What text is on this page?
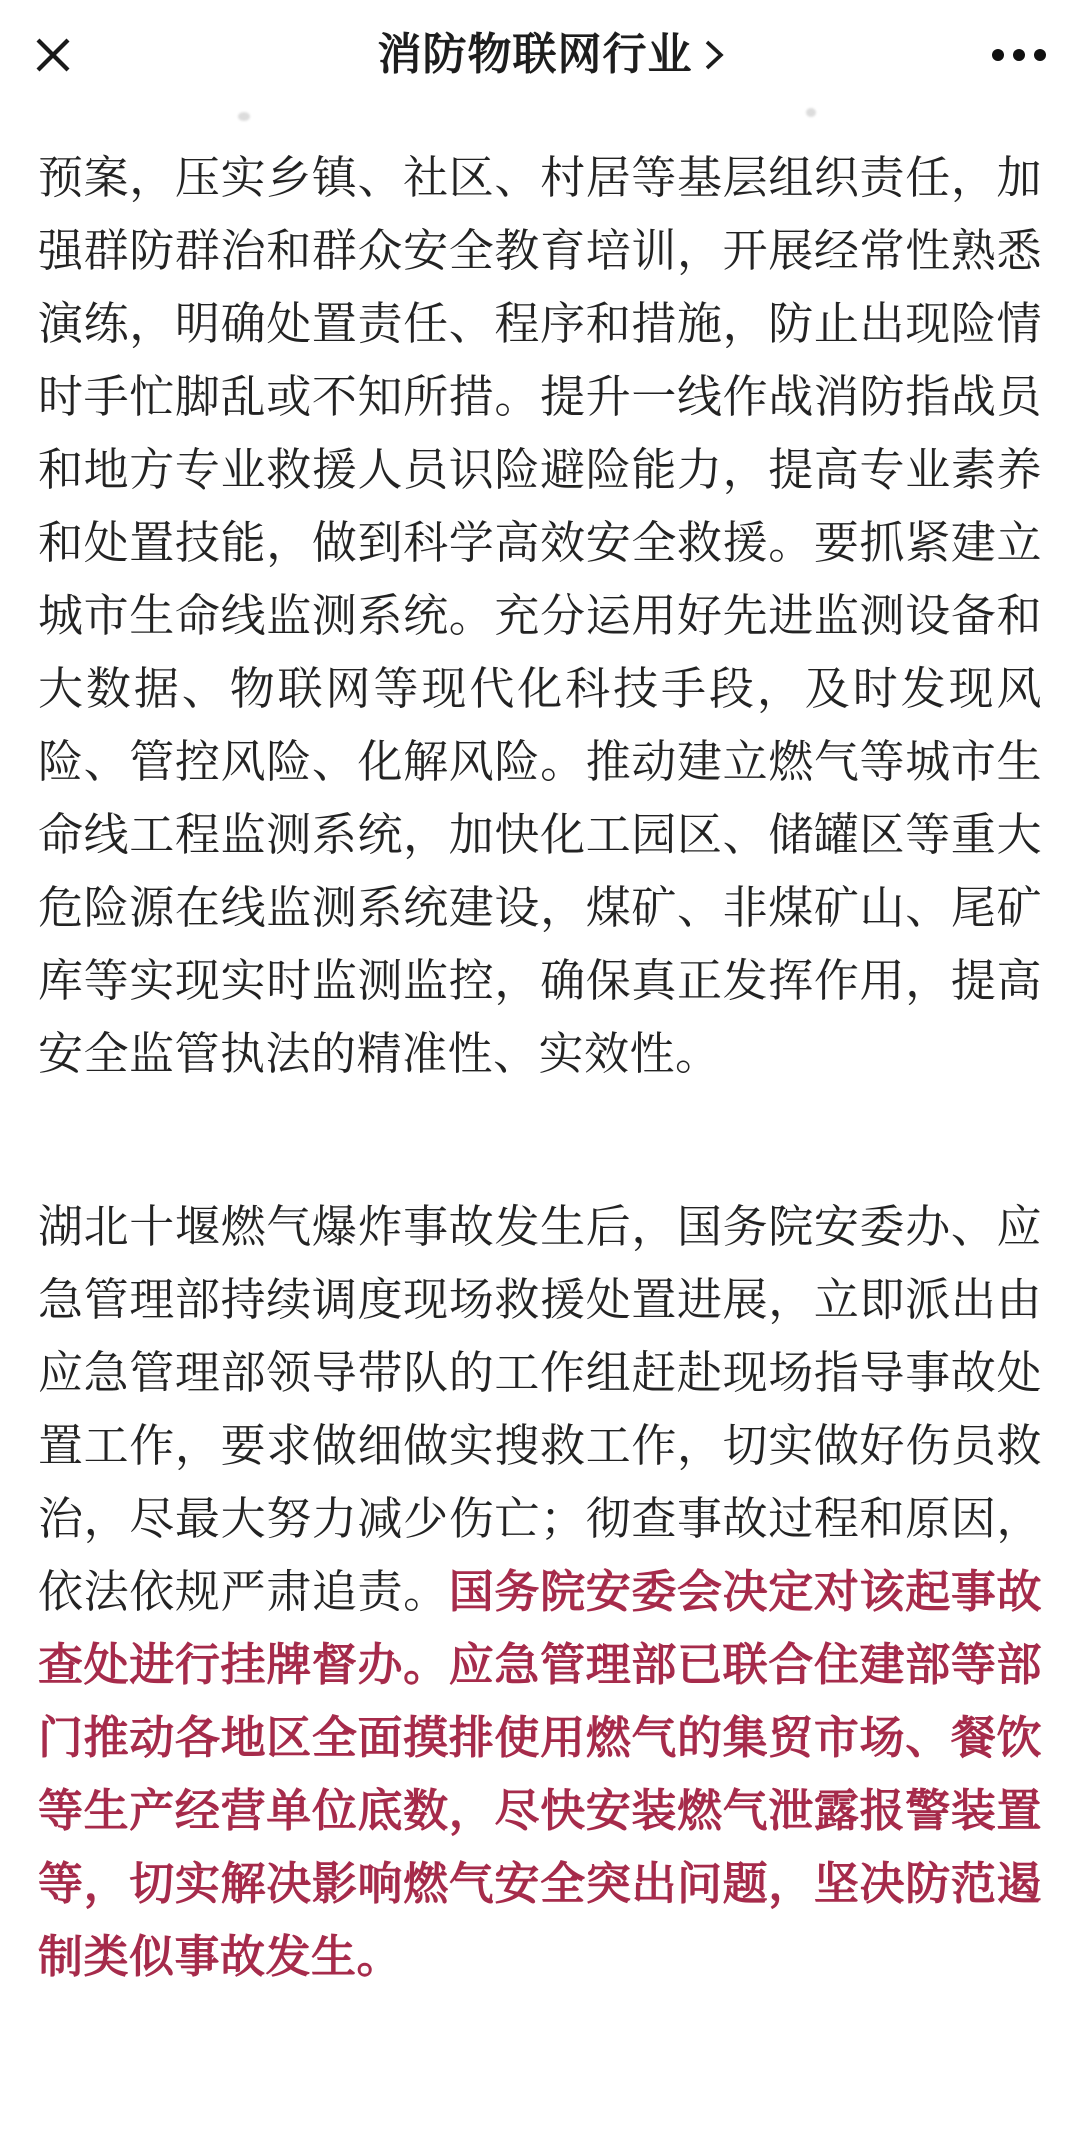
消防物联网行业

预案，压实乡镇、社区、村居等基层组织责任，加强群防群治和群众安全教育培训，开展经常性熟悉演练，明确处置责任、程序和措施，防止出现险情时手忙脚乱或不知所措。提升一线作战消防指战员和地方专业救援人员识险避险能力，提高专业素养和处置技能，做到科学高效安全救援。要抓紧建立城市生命线监测系统。充分运用好先进监测设备和大数据、物联网等现代化科技手段，及时发现风险、管控风险、化解风险。推动建立燃气等城市生命线工程监测系统，加快化工园区、储罐区等重大危险源在线监测系统建设，煤矿、非煤矿山、尾矿库等实现实时监测监控，确保真正发挥作用，提高安全监管执法的精准性、实效性。

湖北十堰燃气爆炸事故发生后，国务院安委办、应急管理部持续调度现场救援处置进展，立即派出由应急管理部领导带队的工作组赶赴现场指导事故处置工作，要求做细做实搜救工作，切实做好伤员救治，尽最大努力减少伤亡；彻查事故过程和原因，依法依规严肃追责。国务院安委会决定对该起事故查处进行挂牌督办。应急管理部已联合住建部等部门推动各地区全面摸排使用燃气的集贸市场、餐饮等生产经营单位底数，尽快安装燃气泄露报警装置等，切实解决影响燃气安全突出问题，坚决防范遏制类似事故发生。
